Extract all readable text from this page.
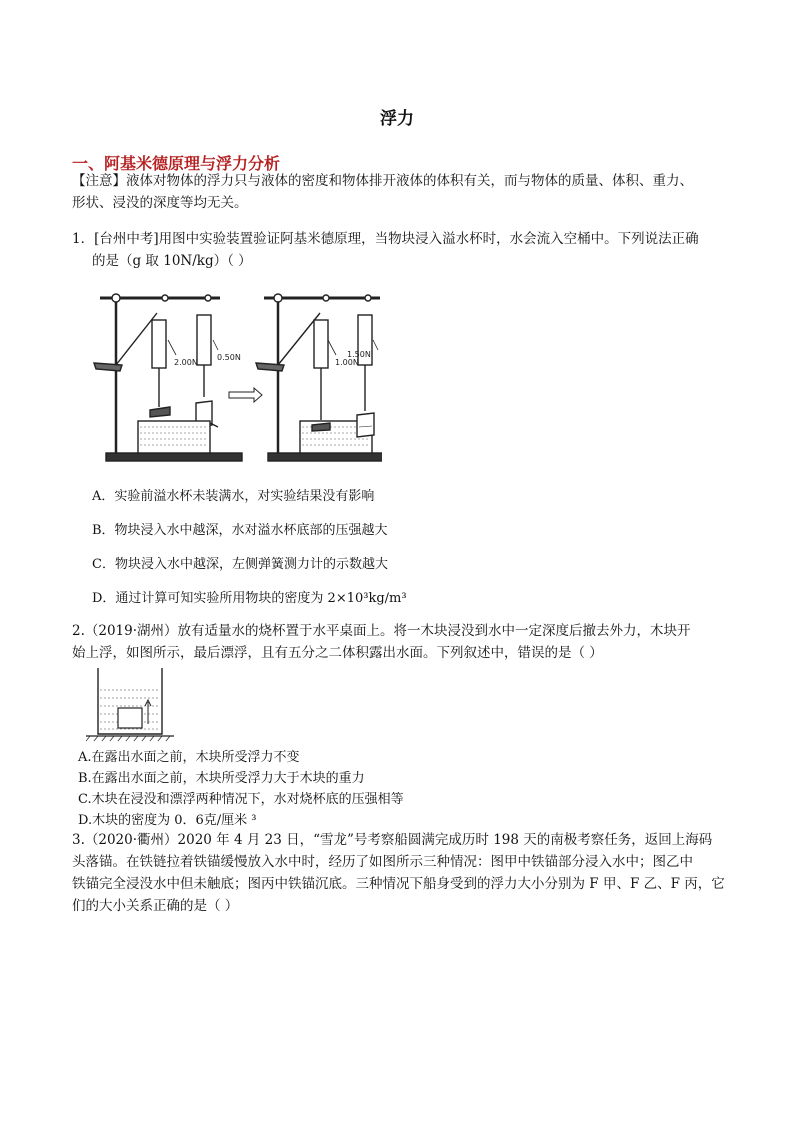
浮力
一、阿基米德原理与浮力分析
【注意】液体对物体的浮力只与液体的密度和物体排开液体的体积有关，而与物体的质量、体积、重力、
形状、浸没的深度等均无关。
1．[台州中考]用图中实验装置验证阿基米德原理，当物块浸入溢水杯时，水会流入空桶中。下列说法正确
的是（g 取 10N/kg）（ ）
2.00N
0.50N
1.00N
1.50N
A．实验前溢水杯未装满水，对实验结果没有影响
B．物块浸入水中越深，水对溢水杯底部的压强越大
C．物块浸入水中越深，左侧弹簧测力计的示数越大
D．通过计算可知实验所用物块的密度为 2×10³kg/m³
2.（2019·湖州）放有适量水的烧杯置于水平桌面上。将一木块浸没到水中一定深度后撤去外力，木块开
始上浮，如图所示，最后漂浮，且有五分之二体积露出水面。下列叙述中，错误的是（ ）
A.在露出水面之前，木块所受浮力不变
B.在露出水面之前，木块所受浮力大于木块的重力
C.木块在浸没和漂浮两种情况下，水对烧杯底的压强相等
D.木块的密度为 0．6克/厘米 ³
3.（2020·衢州）2020 年 4 月 23 日，“雪龙”号考察船圆满完成历时 198 天的南极考察任务，返回上海码
头落锚。在铁链拉着铁锚缓慢放入水中时，经历了如图所示三种情况：图甲中铁锚部分浸入水中；图乙中
铁锚完全浸没水中但未触底；图丙中铁锚沉底。三种情况下船身受到的浮力大小分别为 F 甲、F 乙、F 丙，它
们的大小关系正确的是（ ）
